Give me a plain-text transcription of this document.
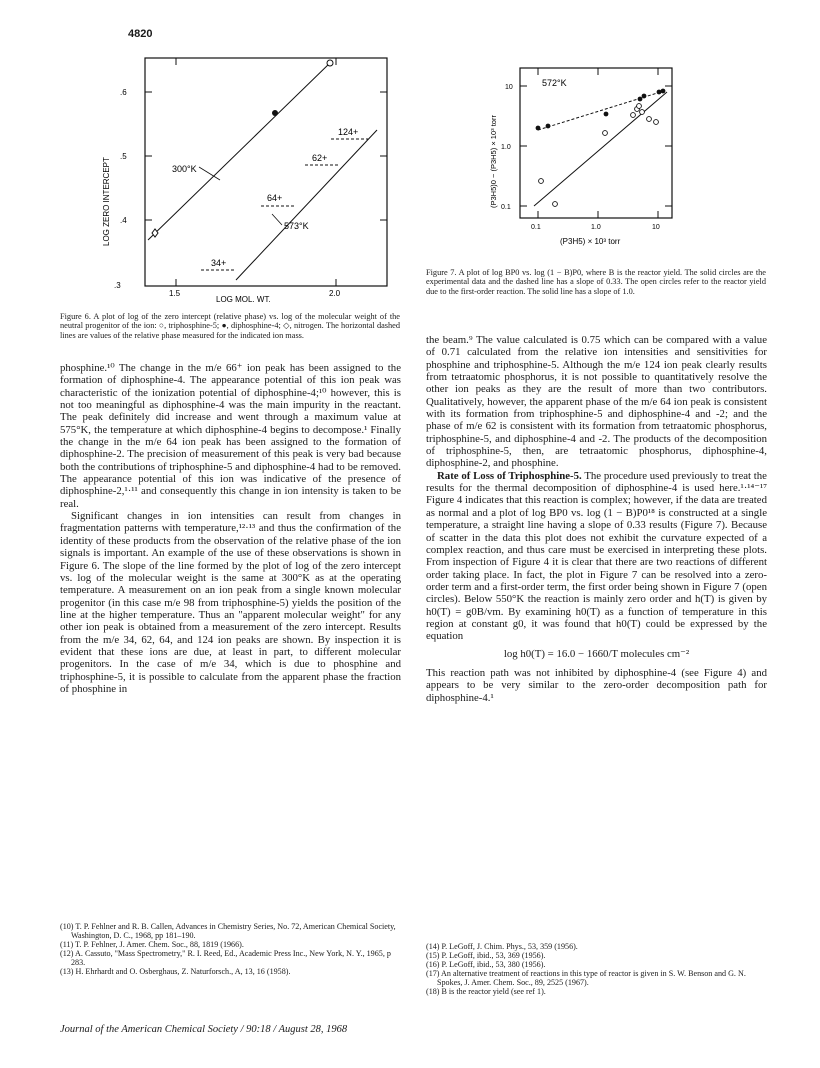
4820
.3
.4
.5
.6
1.5	2.0
LOG MOL. WT.
LOG ZERO INTERCEPT	300°K
573°K
124+
62+
64+
34+
Figure 6. A plot of log of the zero intercept (relative phase) vs. log of the molecular weight of the neutral progenitor of the ion: ○, triphosphine-5; ●, diphosphine-4; ◇, nitrogen. The horizontal dashed lines are values of the relative phase measured for the indicated ion mass.
0.1
1.0
10
0.1	1.0	10
(P3H5) × 10³ torr
(P3H5)0 − (P3H5) × 10³ torr
572°K
Figure 7. A plot of log BP0 vs. log (1 − B)P0, where B is the reactor yield. The solid circles are the experimental data and the dashed line has a slope of 0.33. The open circles refer to the reactor yield due to the first-order reaction. The solid line has a slope of 1.0.

phosphine.¹⁰ The change in the m/e 66⁺ ion peak has been assigned to the formation of diphosphine-4. The appearance potential of this ion peak was characteristic of the ionization potential of diphosphine-4;¹⁰ however, this is not too meaningful as diphosphine-4 was the main impurity in the reactant. The peak definitely did increase and went through a maximum value at 575°K, the temperature at which diphosphine-4 begins to decompose.¹ Finally the change in the m/e 64 ion peak has been assigned to the formation of diphosphine-2. The precision of measurement of this peak is very bad because both the contributions of triphosphine-5 and diphosphine-4 had to be removed. The appearance potential of this ion was indicative of the presence of diphosphine-2,¹·¹¹ and consequently this change in ion intensity is taken to be real.

Significant changes in ion intensities can result from changes in fragmentation patterns with temperature,¹²·¹³ and thus the confirmation of the identity of these products from the observation of the relative phase of the ion signals is important. An example of the use of these observations is shown in Figure 6. The slope of the line formed by the plot of log of the zero intercept vs. log of the molecular weight is the same at 300°K as at the operating temperature. A measurement on an ion peak from a single known molecular progenitor (in this case m/e 98 from triphosphine-5) yields the position of the line at the higher temperature. Thus an "apparent molecular weight" for any other ion peak is obtained from a measurement of the zero intercept. Results from the m/e 34, 62, 64, and 124 ion peaks are shown. By inspection it is evident that these ions are due, at least in part, to different molecular progenitors. In the case of m/e 34, which is due to phosphine and triphosphine-5, it is possible to calculate from the apparent phase the fraction of phosphine in

the beam.⁹ The value calculated is 0.75 which can be compared with a value of 0.71 calculated from the relative ion intensities and sensitivities for phosphine and triphosphine-5. Although the m/e 124 ion peak clearly results from tetraatomic phosphorus, it is not possible to quantitatively resolve the other ion peaks as they are the result of more than two contributors. Qualitatively, however, the apparent phase of the m/e 64 ion peak is consistent with its formation from triphosphine-5 and diphosphine-4 and -2; and the phase of m/e 62 is consistent with its formation from tetraatomic phosphorus, triphosphine-5, and diphosphine-4 and -2. The products of the decomposition of triphosphine-5, then, are tetraatomic phosphorus, diphosphine-4, diphosphine-2, and phosphine.

Rate of Loss of Triphosphine-5. The procedure used previously to treat the results for the thermal decomposition of diphosphine-4 is used here.¹·¹⁴⁻¹⁷ Figure 4 indicates that this reaction is complex; however, if the data are treated as normal and a plot of log BP0 vs. log (1 − B)P0¹⁸ is constructed at a single temperature, a straight line having a slope of 0.33 results (Figure 7). Because of scatter in the data this plot does not exhibit the curvature expected of a complex reaction, and thus care must be exercised in interpreting these plots. From inspection of Figure 4 it is clear that there are two reactions of different order taking place. In fact, the plot in Figure 7 can be resolved into a zero-order term and a first-order term, the first order being shown in Figure 7 (open circles). Below 550°K the reaction is mainly zero order and h(T) is given by h0(T) = g0B/vm. By examining h0(T) as a function of temperature in this region at constant g0, it was found that h0(T) could be expressed by the equation

log h0(T) = 16.0 − 1660/T molecules cm⁻²

This reaction path was not inhibited by diphosphine-4 (see Figure 4) and appears to be very similar to the zero-order decomposition path for diphosphine-4.¹

(10) T. P. Fehlner and R. B. Callen, Advances in Chemistry Series, No. 72, American Chemical Society, Washington, D. C., 1968, pp 181–190.
(11) T. P. Fehlner, J. Amer. Chem. Soc., 88, 1819 (1966).
(12) A. Cassuto, "Mass Spectrometry," R. I. Reed, Ed., Academic Press Inc., New York, N. Y., 1965, p 283.
(13) H. Ehrhardt and O. Osberghaus, Z. Naturforsch., A, 13, 16 (1958).
(14) P. LeGoff, J. Chim. Phys., 53, 359 (1956).
(15) P. LeGoff, ibid., 53, 369 (1956).
(16) P. LeGoff, ibid., 53, 380 (1956).
(17) An alternative treatment of reactions in this type of reactor is given in S. W. Benson and G. N. Spokes, J. Amer. Chem. Soc., 89, 2525 (1967).
(18) B is the reactor yield (see ref 1).
Journal of the American Chemical Society / 90:18 / August 28, 1968
